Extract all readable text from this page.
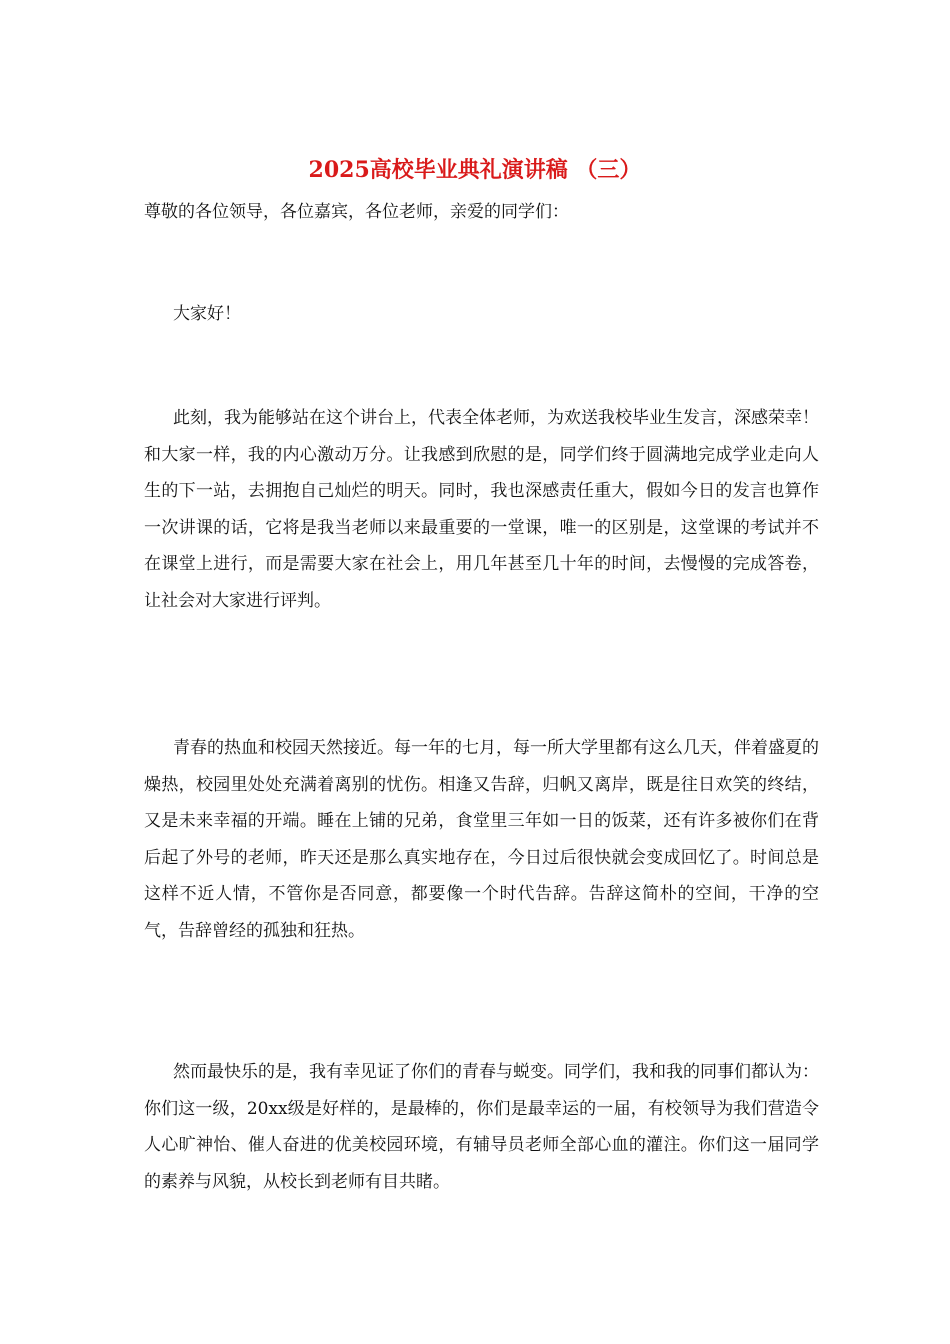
2025高校毕业典礼演讲稿 （三）

尊敬的各位领导，各位嘉宾，各位老师，亲爱的同学们：

大家好！

此刻，我为能够站在这个讲台上，代表全体老师，为欢送我校毕业生发言，深感荣幸！和大家一样，我的内心激动万分。让我感到欣慰的是，同学们终于圆满地完成学业走向人生的下一站，去拥抱自己灿烂的明天。同时，我也深感责任重大，假如今日的发言也算作一次讲课的话，它将是我当老师以来最重要的一堂课，唯一的区别是，这堂课的考试并不在课堂上进行，而是需要大家在社会上，用几年甚至几十年的时间，去慢慢的完成答卷，让社会对大家进行评判。

青春的热血和校园天然接近。每一年的七月，每一所大学里都有这么几天，伴着盛夏的燥热，校园里处处充满着离别的忧伤。相逢又告辞，归帆又离岸，既是往日欢笑的终结，又是未来幸福的开端。睡在上铺的兄弟，食堂里三年如一日的饭菜，还有许多被你们在背后起了外号的老师，昨天还是那么真实地存在，今日过后很快就会变成回忆了。时间总是这样不近人情，不管你是否同意，都要像一个时代告辞。告辞这简朴的空间，干净的空气，告辞曾经的孤独和狂热。

然而最快乐的是，我有幸见证了你们的青春与蜕变。同学们，我和我的同事们都认为：你们这一级，20xx级是好样的，是最棒的，你们是最幸运的一届，有校领导为我们营造令人心旷神怡、催人奋进的优美校园环境，有辅导员老师全部心血的灌注。你们这一届同学的素养与风貌，从校长到老师有目共睹。
